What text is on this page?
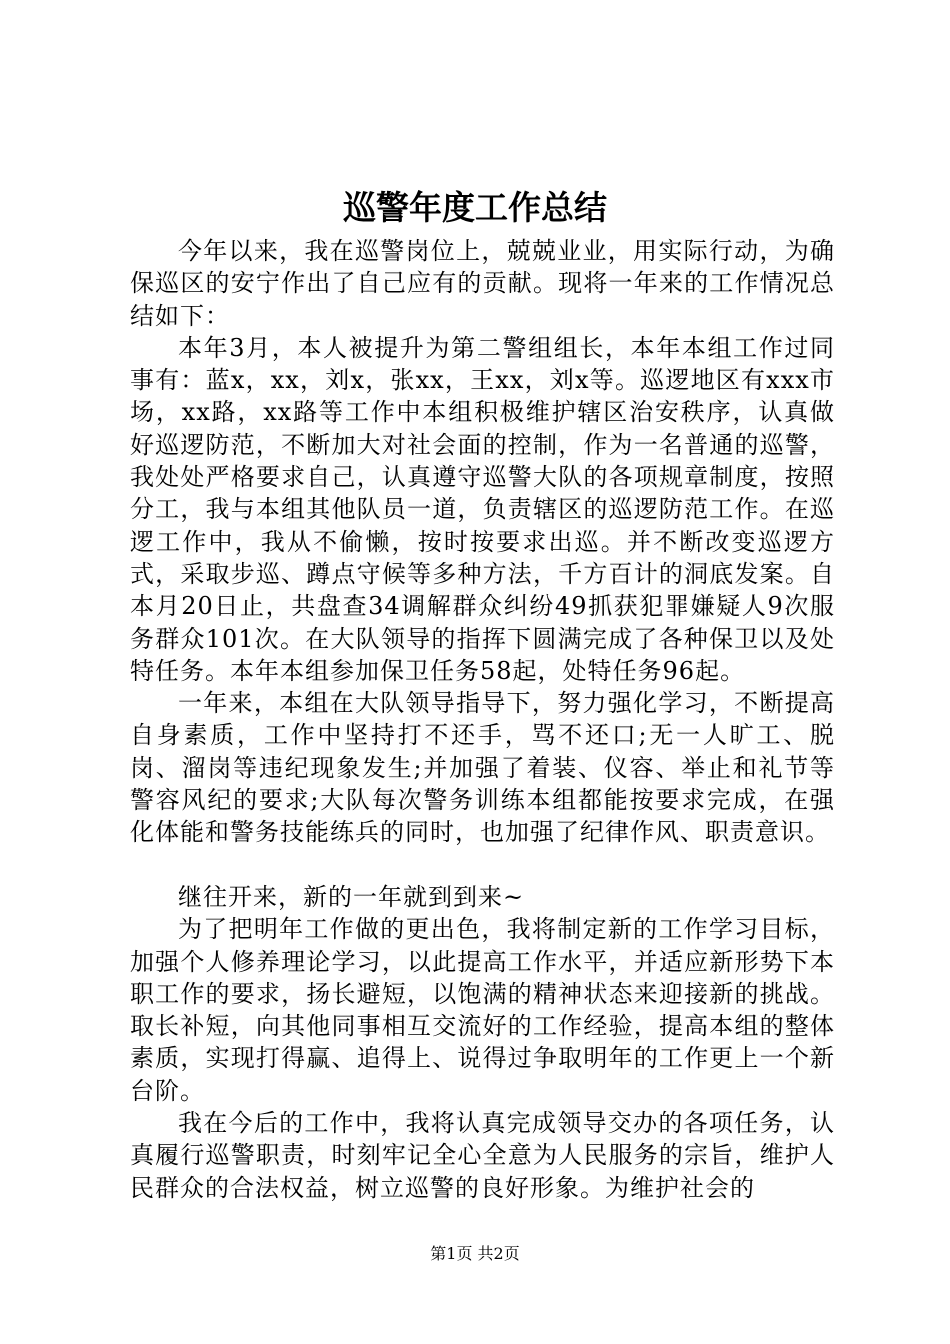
巡警年度工作总结

今年以来，我在巡警岗位上，兢兢业业，用实际行动，为确保巡区的安宁作出了自己应有的贡献。现将一年来的工作情况总结如下：

本年3月，本人被提升为第二警组组长，本年本组工作过同事有：蓝x，xx，刘x，张xx，王xx，刘x等。巡逻地区有xxx市场，xx路，xx路等工作中本组积极维护辖区治安秩序，认真做好巡逻防范，不断加大对社会面的控制，作为一名普通的巡警，我处处严格要求自己，认真遵守巡警大队的各项规章制度，按照分工，我与本组其他队员一道，负责辖区的巡逻防范工作。在巡逻工作中，我从不偷懒，按时按要求出巡。并不断改变巡逻方式，采取步巡、蹲点守候等多种方法，千方百计的洞底发案。自本月20日止，共盘查34调解群众纠纷49抓获犯罪嫌疑人9次服务群众101次。在大队领导的指挥下圆满完成了各种保卫以及处特任务。本年本组参加保卫任务58起，处特任务96起。

一年来，本组在大队领导指导下，努力强化学习，不断提高自身素质，工作中坚持打不还手，骂不还口;无一人旷工、脱岗、溜岗等违纪现象发生;并加强了着装、仪容、举止和礼节等警容风纪的要求;大队每次警务训练本组都能按要求完成，在强化体能和警务技能练兵的同时，也加强了纪律作风、职责意识。

继往开来，新的一年就到到来~

为了把明年工作做的更出色，我将制定新的工作学习目标，加强个人修养理论学习，以此提高工作水平，并适应新形势下本职工作的要求，扬长避短，以饱满的精神状态来迎接新的挑战。取长补短，向其他同事相互交流好的工作经验，提高本组的整体素质，实现打得赢、追得上、说得过争取明年的工作更上一个新台阶。

我在今后的工作中，我将认真完成领导交办的各项任务，认真履行巡警职责，时刻牢记全心全意为人民服务的宗旨，维护人民群众的合法权益，树立巡警的良好形象。为维护社会的

第1页 共2页
